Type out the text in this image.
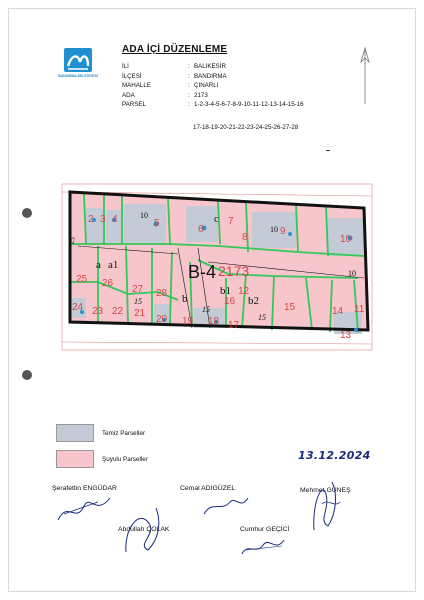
BANDIRMA BELEDİYESİ
ADA İÇİ DÜZENLEME
İLİ	: BALIKESİR
İLÇESİ	: BANDIRMA
MAHALLE	: ÇINARLI
ADA	: 2173
PARSEL	: 1-2-3-4-5-6-7-8-9-10-11-12-13-14-15-16
17-18-19-20-21-22-23-24-25-26-27-28
10
10
10
15
15
15
25
B-4 2173
a a1
b
b1
b2
c
2 3 4	5
6
7
8
9
10
11
12
13
14
15
16
17
18
19
20
21
22
23
24
25 26
27 28
Temiz Parseller
Şuyulu Parseller	13.12.2024
Şerafettin ENGÜDAR	Cemal ADIGÜZEL	Mehmet GÜNEŞ
Abdullah ÇOLAK	Cumhur GEÇİCİ
